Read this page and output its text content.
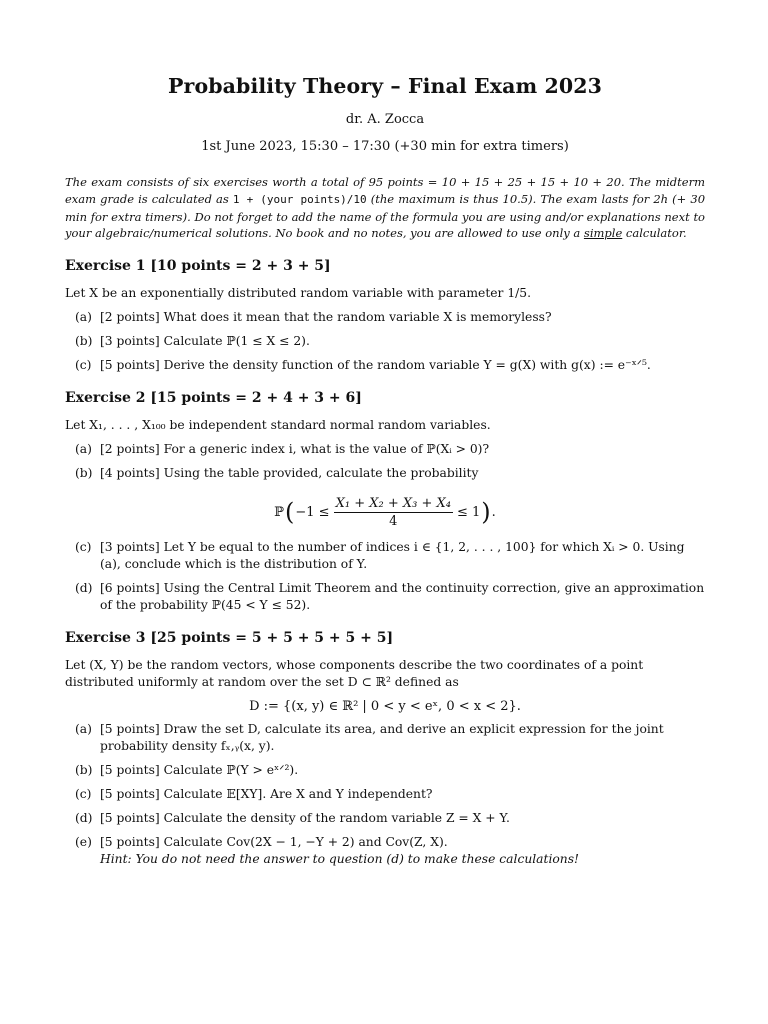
Probability Theory – Final Exam 2023
dr. A. Zocca
1st June 2023, 15:30 – 17:30 (+30 min for extra timers)
The exam consists of six exercises worth a total of 95 points = 10 + 15 + 25 + 15 + 10 + 20. The midterm exam grade is calculated as 1 + (your points)/10 (the maximum is thus 10.5). The exam lasts for 2h (+ 30 min for extra timers). Do not forget to add the name of the formula you are using and/or explanations next to your algebraic/numerical solutions. No book and no notes, you are allowed to use only a simple calculator.
Exercise 1 [10 points = 2 + 3 + 5]
Let X be an exponentially distributed random variable with parameter 1/5.
(a) [2 points] What does it mean that the random variable X is memoryless?
(b) [3 points] Calculate ℙ(1 ≤ X ≤ 2).
(c) [5 points] Derive the density function of the random variable Y = g(X) with g(x) := e⁻ˣᐟ⁵.
Exercise 2 [15 points = 2 + 4 + 3 + 6]
Let X₁, . . . , X₁₀₀ be independent standard normal random variables.
(a) [2 points] For a generic index i, what is the value of ℙ(Xᵢ > 0)?
(b) [4 points] Using the table provided, calculate the probability
ℙ ( $-1 \le \frac{\text{X₁ + X₂ + X₃ + X₄}}{4} \le 1$ ) .
(c) [3 points] Let Y be equal to the number of indices i ∈ {1, 2, . . . , 100} for which Xᵢ > 0. Using (a), conclude which is the distribution of Y.
(d) [6 points] Using the Central Limit Theorem and the continuity correction, give an approximation of the probability ℙ(45 < Y ≤ 52).
Exercise 3 [25 points = 5 + 5 + 5 + 5 + 5]
Let (X, Y) be the random vectors, whose components describe the two coordinates of a point distributed uniformly at random over the set D ⊂ ℝ² defined as
D := {(x, y) ∈ ℝ² | 0 < y < eˣ, 0 < x < 2}.
(a) [5 points] Draw the set D, calculate its area, and derive an explicit expression for the joint probability density fₓ,ᵧ(x, y).
(b) [5 points] Calculate ℙ(Y > eˣᐟ²).
(c) [5 points] Calculate 𝔼[XY]. Are X and Y independent?
(d) [5 points] Calculate the density of the random variable Z = X + Y.
(e) [5 points] Calculate Cov(2X − 1, −Y + 2) and Cov(Z, X).
Hint: You do not need the answer to question (d) to make these calculations!
